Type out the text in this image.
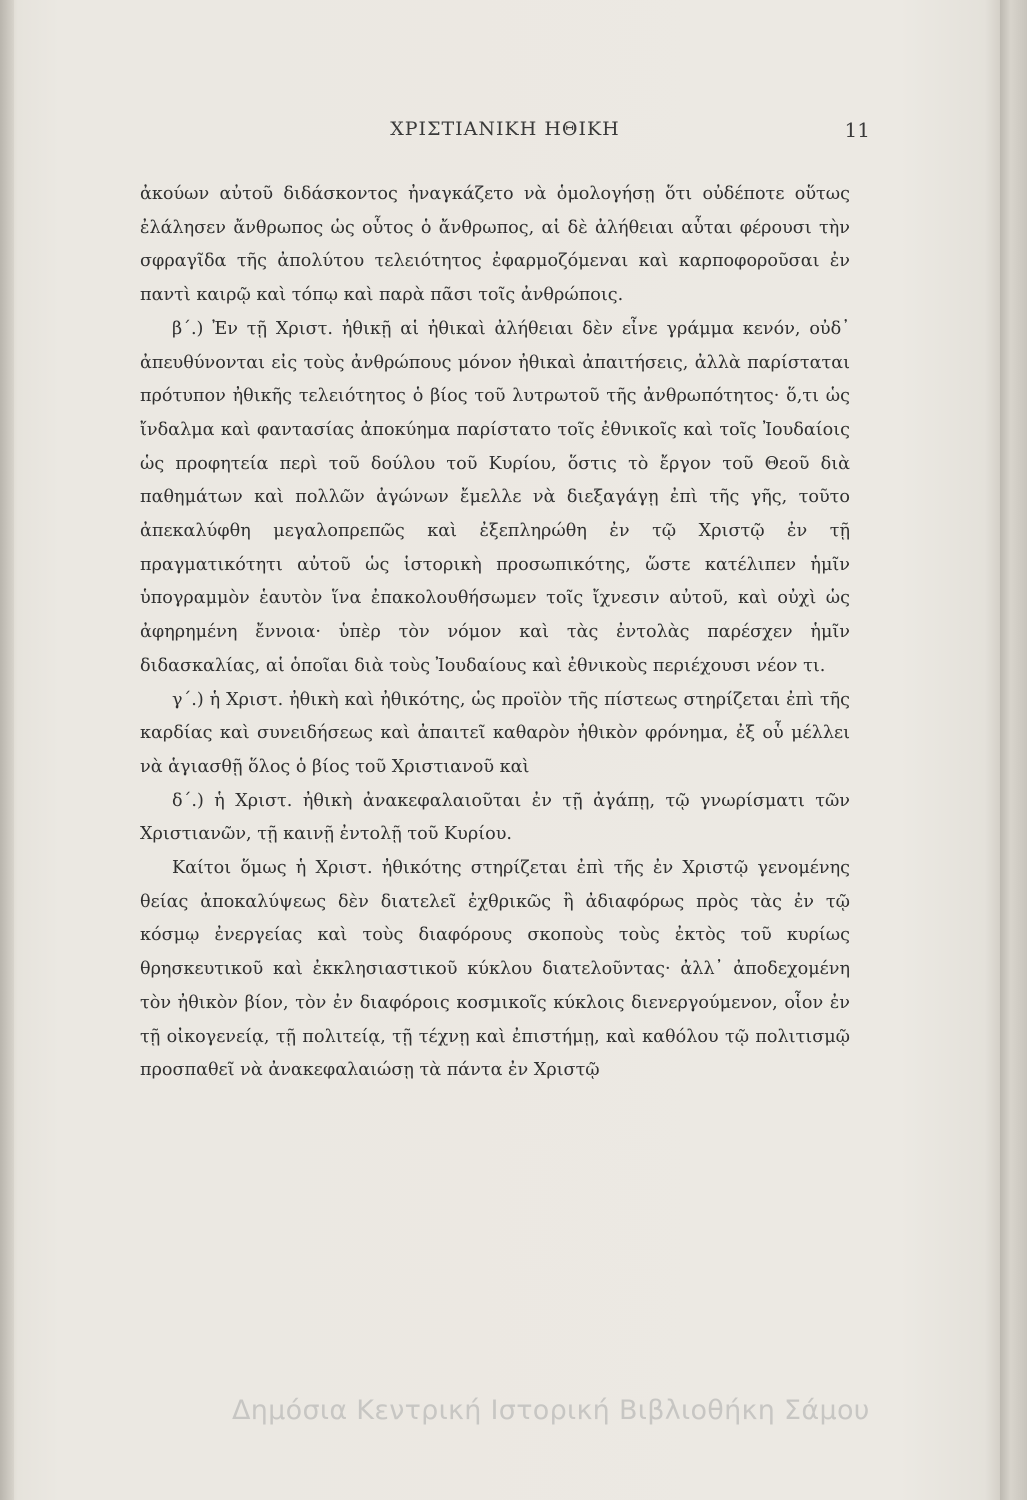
ΧΡΙΣΤΙΑΝΙΚΗ ΗΘΙΚΗ	11

ἀκούων αὐτοῦ διδάσκοντος ἠναγκάζετο νὰ ὁμολογήσῃ ὅτι οὐδέποτε οὕτως ἐλάλησεν ἄνθρωπος ὡς οὗτος ὁ ἄνθρωπος, αἱ δὲ ἀλήθειαι αὗται φέρουσι τὴν σφραγῖδα τῆς ἀπολύτου τελειότητος ἐφαρμοζόμεναι καὶ καρποφοροῦσαι ἐν παντὶ καιρῷ καὶ τόπῳ καὶ παρὰ πᾶσι τοῖς ἀνθρώποις.

β΄.) Ἐν τῇ Χριστ. ἠθικῇ αἱ ἠθικαὶ ἀλήθειαι δὲν εἶνε γράμμα κενόν, οὐδ᾽ ἀπευθύνονται εἰς τοὺς ἀνθρώπους μόνον ἠθικαὶ ἀπαιτήσεις, ἀλλὰ παρίσταται πρότυπον ἠθικῆς τελειότητος ὁ βίος τοῦ λυτρωτοῦ τῆς ἀνθρωπότητος· ὅ,τι ὡς ἴνδαλμα καὶ φαντασίας ἀποκύημα παρίστατο τοῖς ἐθνικοῖς καὶ τοῖς Ἰουδαίοις ὡς προφητεία περὶ τοῦ δούλου τοῦ Κυρίου, ὅστις τὸ ἔργον τοῦ Θεοῦ διὰ παθημάτων καὶ πολλῶν ἀγώνων ἔμελλε νὰ διεξαγάγῃ ἐπὶ τῆς γῆς, τοῦτο ἀπεκαλύφθη μεγαλοπρεπῶς καὶ ἐξεπληρώθη ἐν τῷ Χριστῷ ἐν τῇ πραγματικότητι αὐτοῦ ὡς ἱστορικὴ προσωπικότης, ὥστε κατέλιπεν ἡμῖν ὑπογραμμὸν ἑαυτὸν ἵνα ἐπακολουθήσωμεν τοῖς ἴχνεσιν αὐτοῦ, καὶ οὐχὶ ὡς ἀφηρημένη ἔννοια· ὑπὲρ τὸν νόμον καὶ τὰς ἐντολὰς παρέσχεν ἡμῖν διδασκαλίας, αἱ ὁποῖαι διὰ τοὺς Ἰουδαίους καὶ ἐθνικοὺς περιέχουσι νέον τι.

γ΄.) ἡ Χριστ. ἠθικὴ καὶ ἠθικότης, ὡς προϊὸν τῆς πίστεως στηρίζεται ἐπὶ τῆς καρδίας καὶ συνειδήσεως καὶ ἀπαιτεῖ καθαρὸν ἠθικὸν φρόνημα, ἐξ οὗ μέλλει νὰ ἁγιασθῇ ὅλος ὁ βίος τοῦ Χριστιανοῦ καὶ

δ΄.) ἡ Χριστ. ἠθικὴ ἀνακεφαλαιοῦται ἐν τῇ ἀγάπῃ, τῷ γνωρίσματι τῶν Χριστιανῶν, τῇ καινῇ ἐντολῇ τοῦ Κυρίου.

Καίτοι ὅμως ἡ Χριστ. ἠθικότης στηρίζεται ἐπὶ τῆς ἐν Χριστῷ γενομένης θείας ἀποκαλύψεως δὲν διατελεῖ ἐχθρικῶς ἢ ἀδιαφόρως πρὸς τὰς ἐν τῷ κόσμῳ ἐνεργείας καὶ τοὺς διαφόρους σκοποὺς τοὺς ἐκτὸς τοῦ κυρίως θρησκευτικοῦ καὶ ἐκκλησιαστικοῦ κύκλου διατελοῦντας· ἀλλ᾽ ἀποδεχομένη τὸν ἠθικὸν βίον, τὸν ἐν διαφόροις κοσμικοῖς κύκλοις διενεργούμενον, οἷον ἐν τῇ οἰκογενείᾳ, τῇ πολιτείᾳ, τῇ τέχνῃ καὶ ἐπιστήμῃ, καὶ καθόλου τῷ πολιτισμῷ προσπαθεῖ νὰ ἀνακεφαλαιώσῃ τὰ πάντα ἐν Χριστῷ

Δημόσια Κεντρική Ιστορική Βιβλιοθήκη Σάμου
